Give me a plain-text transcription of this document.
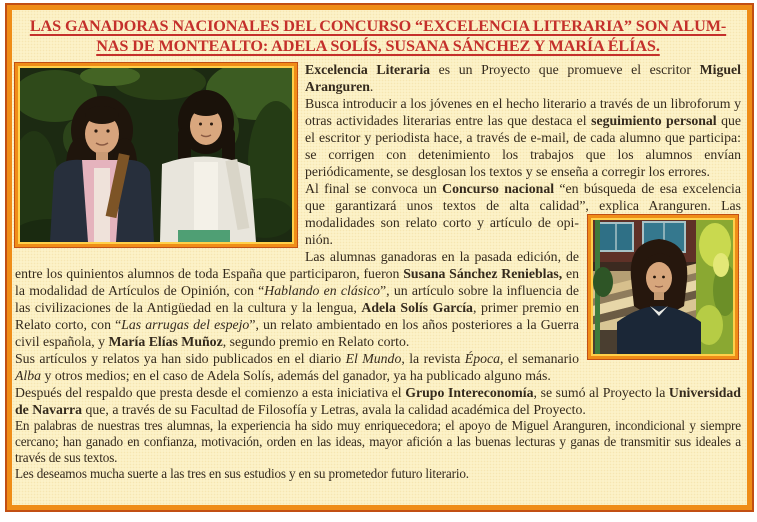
LAS GANADORAS NACIONALES DEL CONCURSO “EXCELENCIA LITERARIA” SON ALUM-
NAS DE MONTEALTO: ADELA SOLÍS, SUSANA SÁNCHEZ Y MARÍA ÉLÍAS.
Excelencia Literaria es un Proyecto que promueve el escritor Miguel Aranguren.
Busca introducir a los jóvenes en el hecho literario a través de un libroforum y otras actividades literarias entre las que destaca el seguimiento personal que el escritor y periodista hace, a través de e-mail, de cada alumno que participa: se corrigen con detenimiento los trabajos que los alumnos envían periódicamente, se desglosan los textos y se enseña a corregir los errores.
Al final se convoca un Concurso nacional “en búsqueda de esa excelencia que garantizará unos textos de alta calidad”, explica Aranguren. Las
modalidades son relato corto y artículo de opinión.
Las alumnas ganadoras en la pasada edición, de entre los quinientos alumnos de toda España que participaron, fueron Susana Sánchez Renieblas, en la modalidad de Artículos de Opinión, con “Hablando en clásico”, un artículo sobre la influencia de las civilizaciones de la Antigüedad en la cultura y la lengua, Adela Solís García, primer premio en Relato corto, con “Las arrugas del espejo”, un relato ambientado en los años posteriores a la Guerra civil española, y María Elías Muñoz, segundo premio en Relato corto.
Sus artículos y relatos ya han sido publicados en el diario El Mundo, la revista Época, el semanario Alba y otros medios; en el caso de Adela Solís, además del ganador, ya ha publicado alguno más.
Después del respaldo que presta desde el comienzo a esta iniciativa el Grupo Intereconomía, se sumó al Proyecto la Universidad de Navarra que, a través de su Facultad de Filosofía y Letras, avala la calidad académica del Proyecto.
En palabras de nuestras tres alumnas, la experiencia ha sido muy enriquecedora; el apoyo de Miguel Aranguren, incondicional y siempre cercano; han ganado en confianza, motivación, orden en las ideas, mayor afición a las buenas lecturas y ganas de transmitir sus ideales a través de sus textos.
Les deseamos mucha suerte a las tres en sus estudios y en su prometedor futuro literario.
